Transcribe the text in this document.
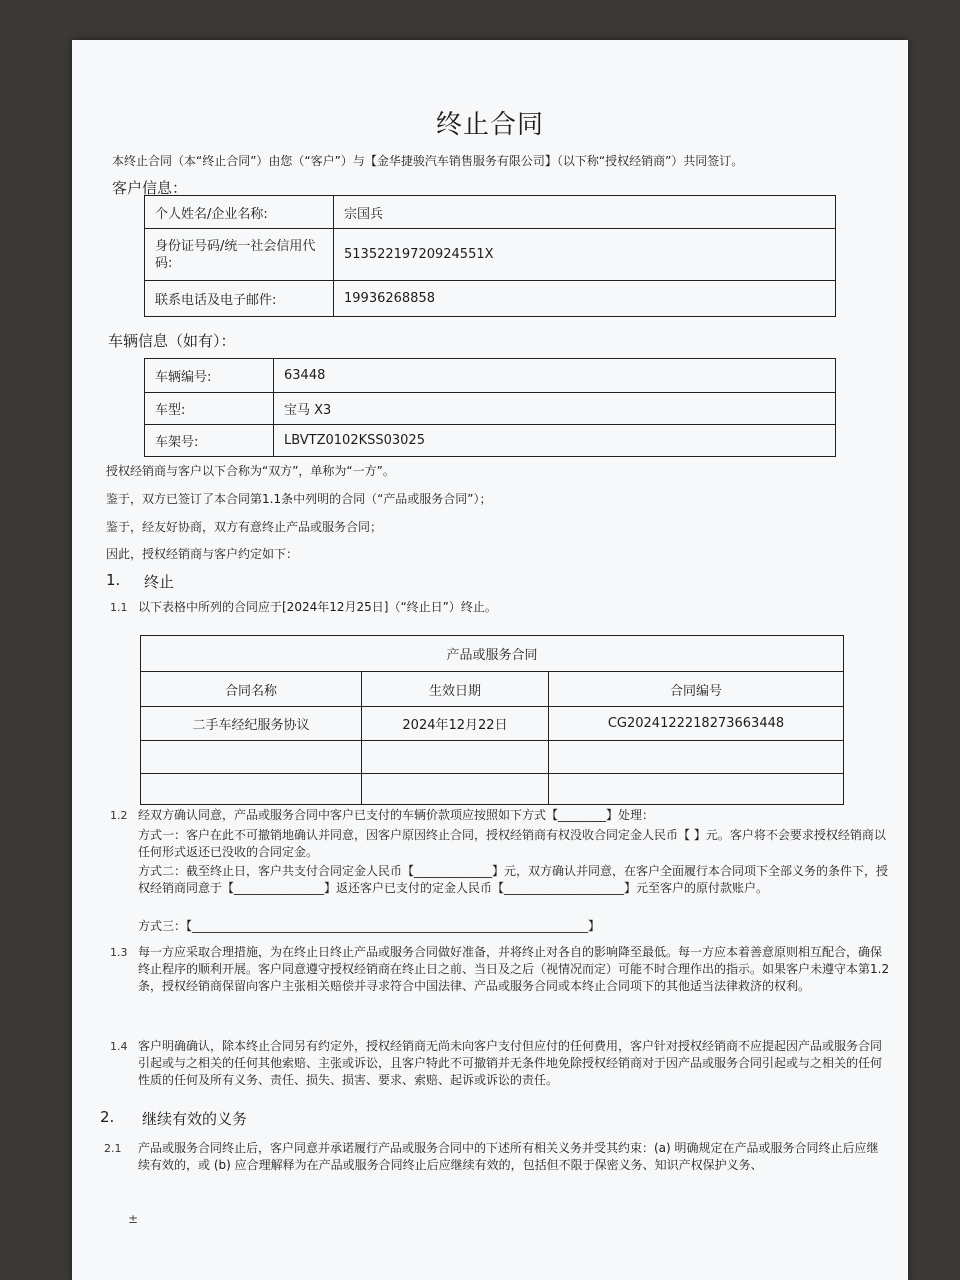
终止合同
本终止合同（本“终止合同”）由您（“客户”）与【金华捷骏汽车销售服务有限公司】（以下称“授权经销商”）共同签订。
客户信息：
个人姓名/企业名称:	宗国兵
身份证号码/统一社会信用代码:	51352219720924551X
联系电话及电子邮件:	19936268858
车辆信息（如有）：
车辆编号:	63448
车型:	宝马 X3
车架号:	LBVTZ0102KSS03025
授权经销商与客户以下合称为“双方”，单称为“一方”。
鉴于，双方已签订了本合同第1.1条中列明的合同（“产品或服务合同”）；
鉴于，经友好协商，双方有意终止产品或服务合同；
因此，授权经销商与客户约定如下：
1. 终止
1.1 以下表格中所列的合同应于[2024年12月25日]（“终止日”）终止。
产品或服务合同		
合同名称	生效日期	合同编号
二手车经纪服务协议	2024年12月22日	CG2024122218273663448

1.2 经双方确认同意，产品或服务合同中客户已支付的车辆价款项应按照如下方式【________】处理：
方式一：客户在此不可撤销地确认并同意，因客户原因终止合同，授权经销商有权没收合同定金人民币【 】元。客户将不会要求授权经销商以任何形式返还已没收的合同定金。
方式二：截至终止日，客户共支付合同定金人民币【_____________】元，双方确认并同意，在客户全面履行本合同项下全部义务的条件下，授权经销商同意于【_______________】返还客户已支付的定金人民币【____________________】元至客户的原付款账户。
方式三：【__________________________________________________________________】
1.3 每一方应采取合理措施，为在终止日终止产品或服务合同做好准备，并将终止对各自的影响降至最低。每一方应本着善意原则相互配合，确保终止程序的顺利开展。客户同意遵守授权经销商在终止日之前、当日及之后（视情况而定）可能不时合理作出的指示。如果客户未遵守本第1.2条，授权经销商保留向客户主张相关赔偿并寻求符合中国法律、产品或服务合同或本终止合同项下的其他适当法律救济的权利。
1.4 客户明确确认，除本终止合同另有约定外，授权经销商无尚未向客户支付但应付的任何费用，客户针对授权经销商不应提起因产品或服务合同引起或与之相关的任何其他索赔、主张或诉讼，且客户特此不可撤销并无条件地免除授权经销商对于因产品或服务合同引起或与之相关的任何性质的任何及所有义务、责任、损失、损害、要求、索赔、起诉或诉讼的责任。
2. 继续有效的义务
2.1 产品或服务合同终止后，客户同意并承诺履行产品或服务合同中的下述所有相关义务并受其约束：(a) 明确规定在产品或服务合同终止后应继续有效的，或 (b) 应合理解释为在产品或服务合同终止后应继续有效的，包括但不限于保密义务、知识产权保护义务、
±
